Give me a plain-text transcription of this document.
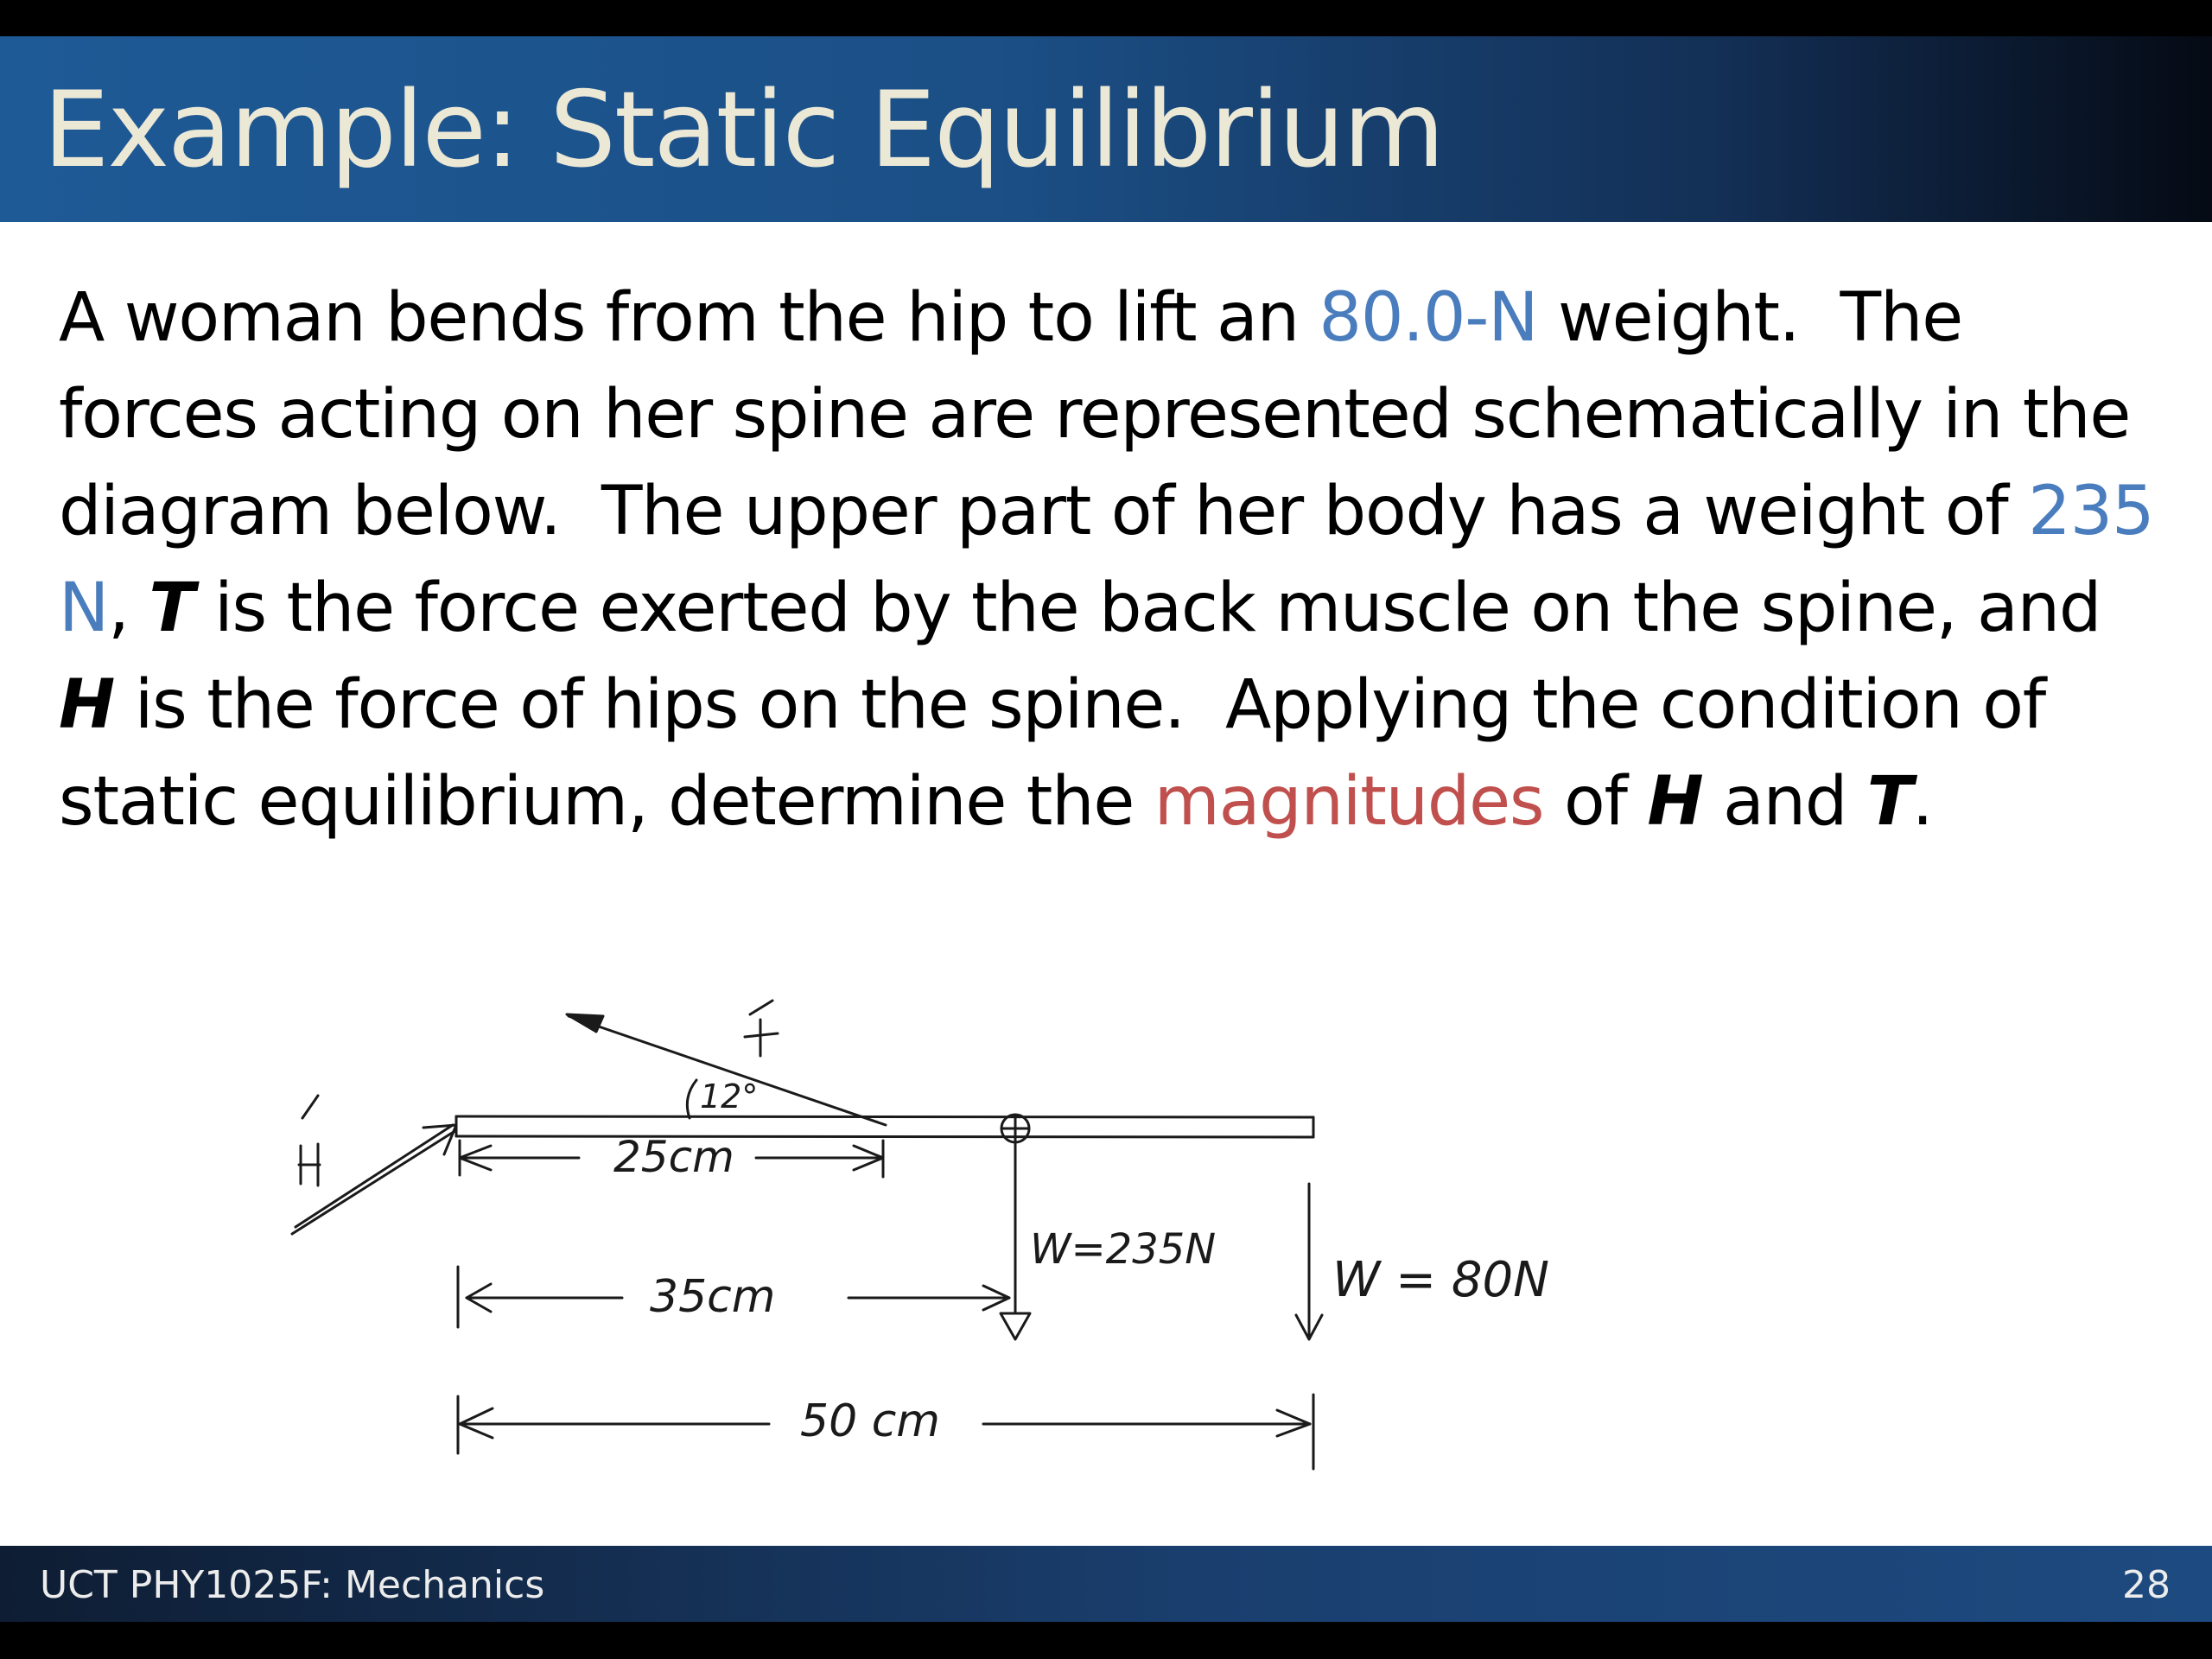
Example: Static Equilibrium

A woman bends from the hip to lift an 80.0-N weight.  The forces acting on her spine are represented schematically in the diagram below.  The upper part of her body has a weight of 235 N, T is the force exerted by the back muscle on the spine, and H is the force of hips on the spine.  Applying the condition of static equilibrium, determine the magnitudes of H and T.

12°
25cm
35cm
50 cm
W=235N
W = 80N
UCT PHY1025F: Mechanics	28
